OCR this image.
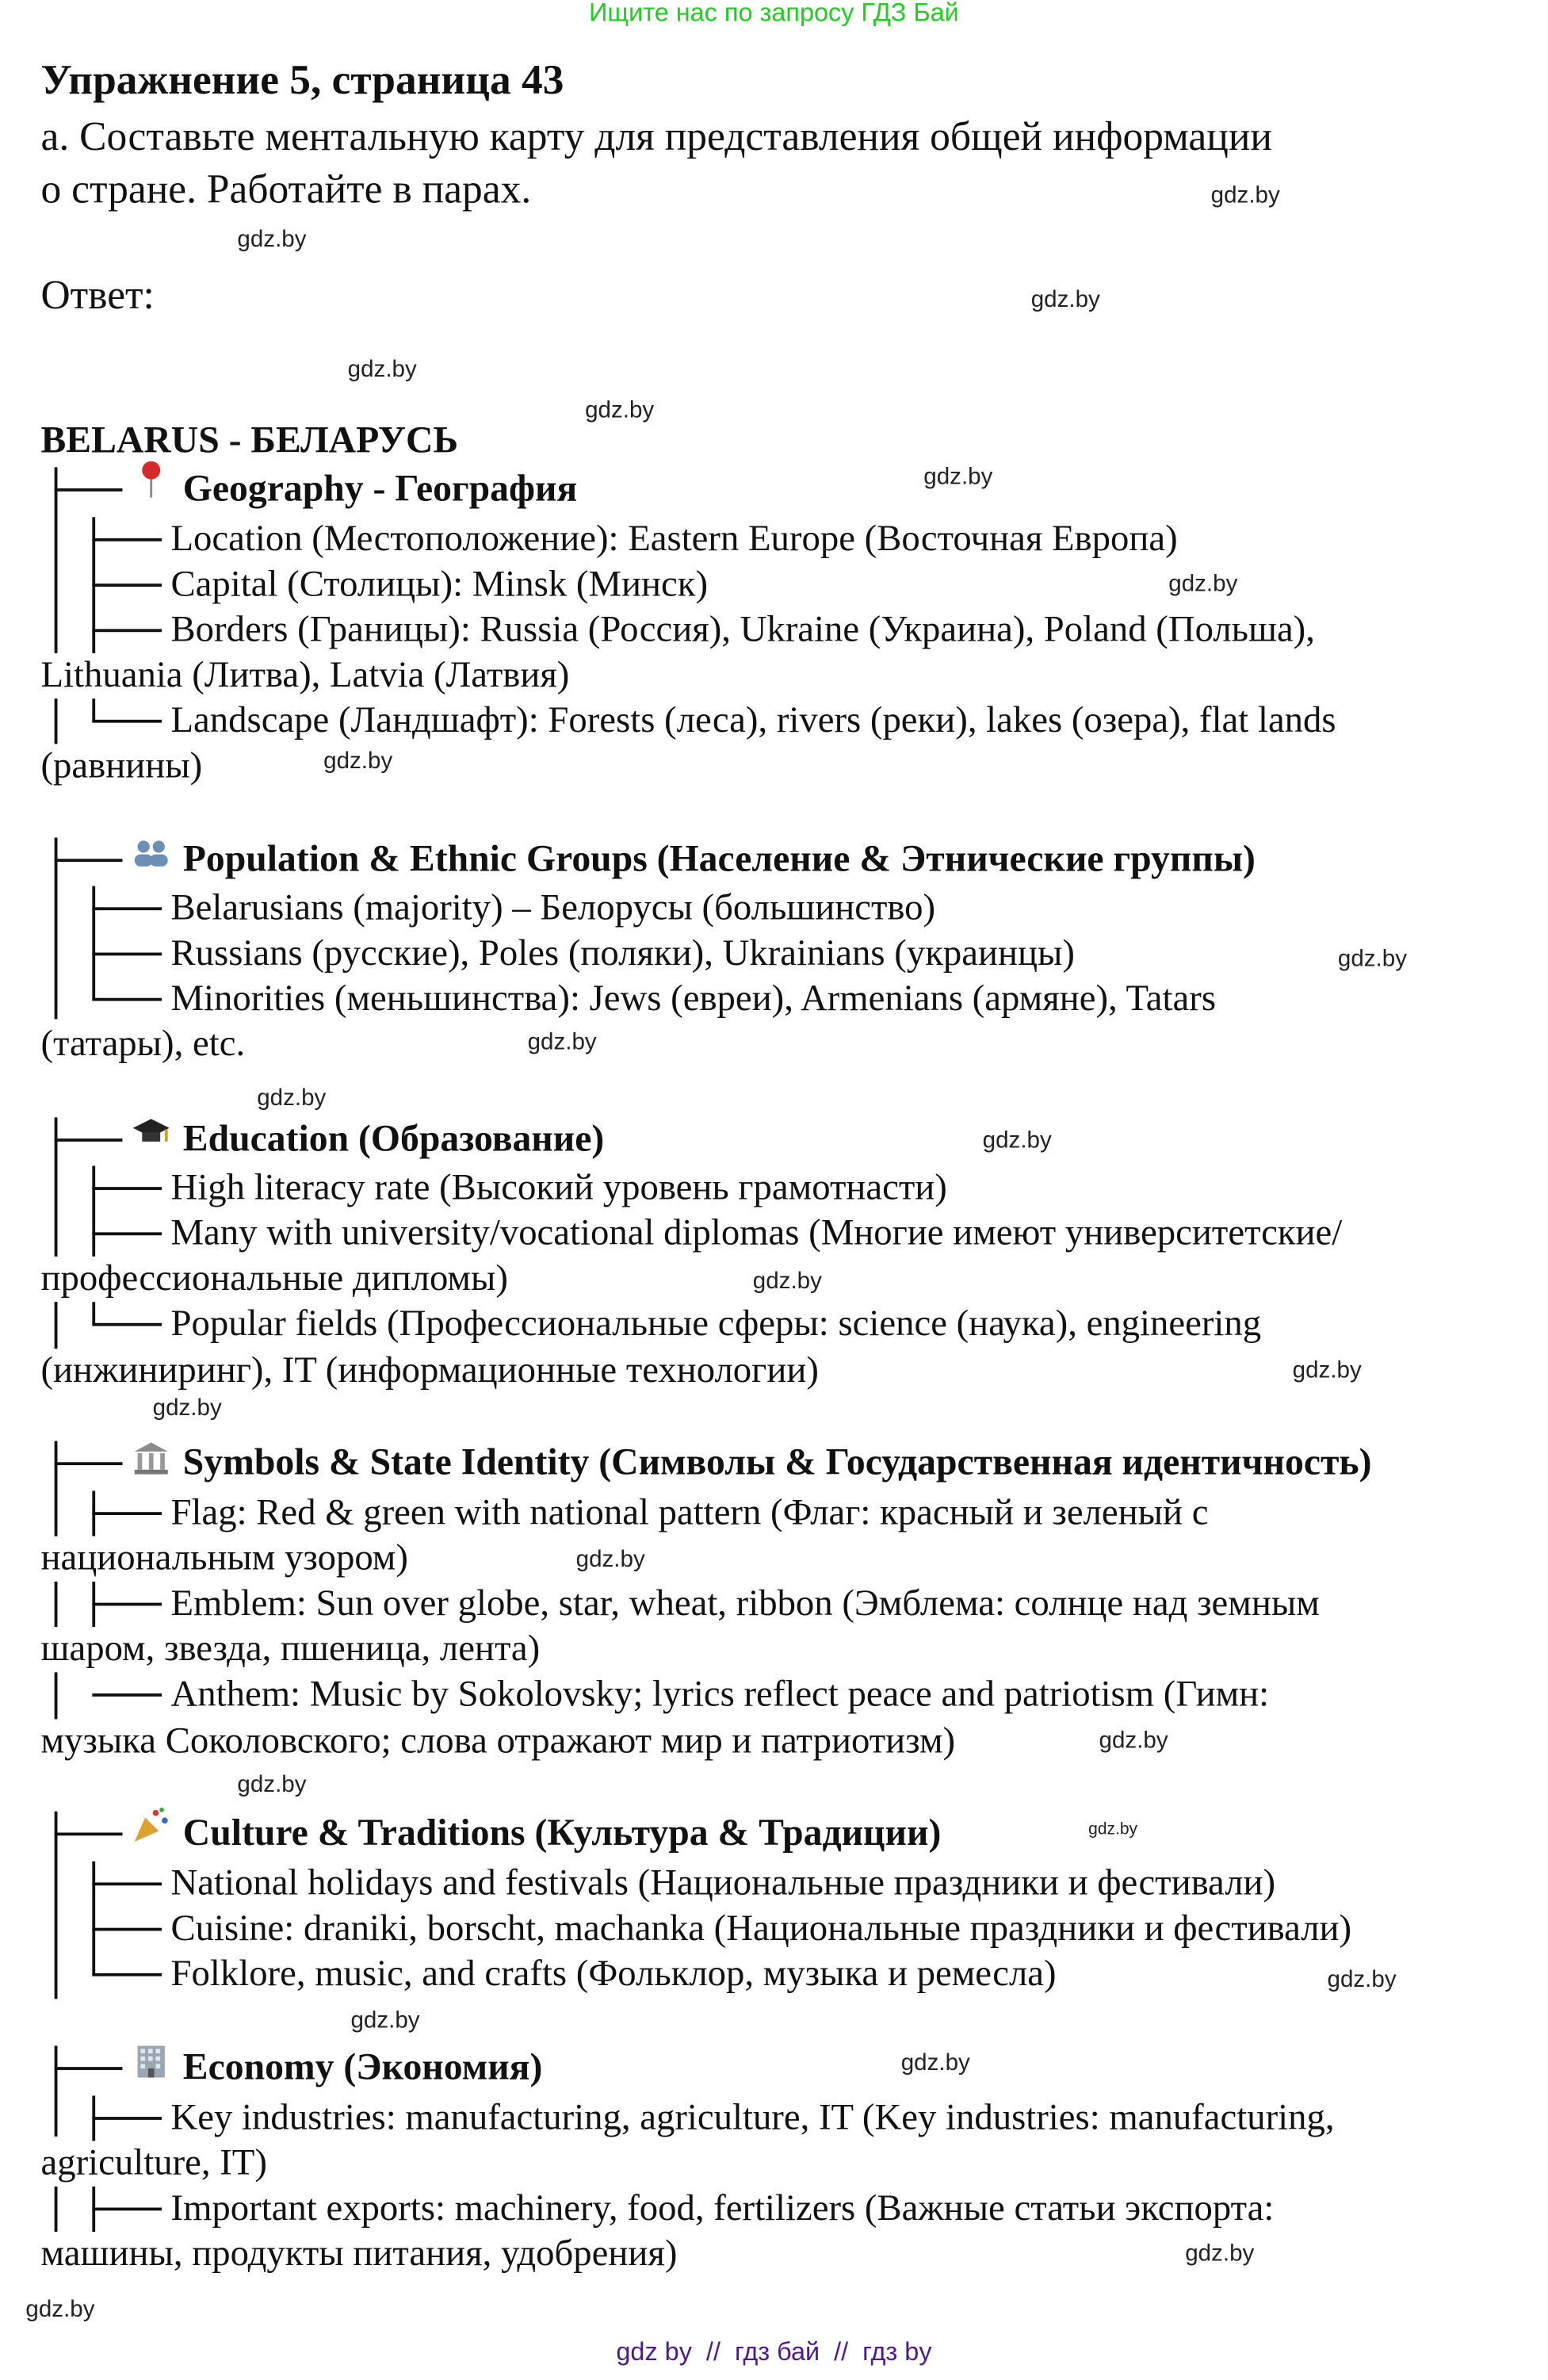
Ищите нас по запросу ГДЗ Бай
Упражнение 5, страница 43
а. Составьте ментальную карту для представления общей информации
о стране. Работайте в парах.
Ответ:
BELARUS - БЕЛАРУСЬ
Geography - География
Location (Местоположение): Eastern Europe (Восточная Европа)
Capital (Столицы): Minsk (Минск)
Borders (Границы): Russia (Россия), Ukraine (Украина), Poland (Польша),
Lithuania (Литва), Latvia (Латвия)
Landscape (Ландшафт): Forests (леса), rivers (реки), lakes (озера), flat lands
(равнины)
Population & Ethnic Groups (Население & Этнические группы)
Belarusians (majority) – Белорусы (большинство)
Russians (русские), Poles (поляки), Ukrainians (украинцы)
Minorities (меньшинства): Jews (евреи), Armenians (армяне), Tatars
(татары), etc.
Education (Образование)
High literacy rate (Высокий уровень грамотнасти)
Many with university/vocational diplomas (Многие имеют университетские/
профессиональные дипломы)
Popular fields (Профессиональные сферы: science (наука), engineering
(инжиниринг), IT (информационные технологии)
Symbols & State Identity (Символы & Государственная идентичность)
Flag: Red & green with national pattern (Флаг: красный и зеленый с
национальным узором)
Emblem: Sun over globe, star, wheat, ribbon (Эмблема: солнце над земным
шаром, звезда, пшеница, лента)
Anthem: Music by Sokolovsky; lyrics reflect peace and patriotism (Гимн:
музыка Соколовского; слова отражают мир и патриотизм)
Culture & Traditions (Культура & Традиции)
National holidays and festivals (Национальные праздники и фестивали)
Cuisine: draniki, borscht, machanka (Национальные праздники и фестивали)
Folklore, music, and crafts (Фольклор, музыка и ремесла)
Economy (Экономия)
Key industries: manufacturing, agriculture, IT (Key industries: manufacturing,
agriculture, IT)
Important exports: machinery, food, fertilizers (Важные статьи экспорта:
машины, продукты питания, удобрения)
gdz.by
gdz.by
gdz.by
gdz.by
gdz.by
gdz.by
gdz.by
gdz.by
gdz.by
gdz.by
gdz.by
gdz.by
gdz.by
gdz.by
gdz.by
gdz.by
gdz.by
gdz.by
gdz.by
gdz.by
gdz.by
gdz.by
gdz.by
gdz.by
gdz by  //  гдз бай  //  гдз by
